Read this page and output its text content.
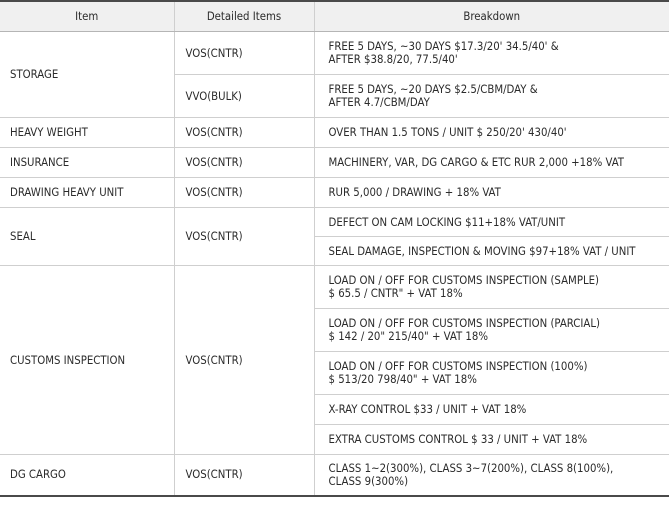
Item	Detailed Items	Breakdown
STORAGE	VOS(CNTR)	FREE 5 DAYS, ~30 DAYS $17.3/20' 34.5/40' &
AFTER $38.8/20, 77.5/40'
	VVO(BULK)	FREE 5 DAYS, ~20 DAYS $2.5/CBM/DAY &
AFTER 4.7/CBM/DAY
HEAVY WEIGHT	VOS(CNTR)	OVER THAN 1.5 TONS / UNIT $ 250/20' 430/40'
INSURANCE	VOS(CNTR)	MACHINERY, VAR, DG CARGO & ETC RUR 2,000 +18% VAT
DRAWING HEAVY UNIT	VOS(CNTR)	RUR 5,000 / DRAWING + 18% VAT
SEAL	VOS(CNTR)	DEFECT ON CAM LOCKING $11+18% VAT/UNIT
		SEAL DAMAGE, INSPECTION & MOVING $97+18% VAT / UNIT
CUSTOMS INSPECTION	VOS(CNTR)	LOAD ON / OFF FOR CUSTOMS INSPECTION (SAMPLE)
$ 65.5 / CNTR" + VAT 18%
		LOAD ON / OFF FOR CUSTOMS INSPECTION (PARCIAL)
$ 142 / 20" 215/40" + VAT 18%
		LOAD ON / OFF FOR CUSTOMS INSPECTION (100%)
$ 513/20 798/40" + VAT 18%
		X-RAY CONTROL $33 / UNIT + VAT 18%
		EXTRA CUSTOMS CONTROL $ 33 / UNIT + VAT 18%
DG CARGO	VOS(CNTR)	CLASS 1~2(300%), CLASS 3~7(200%), CLASS 8(100%),
CLASS 9(300%)
